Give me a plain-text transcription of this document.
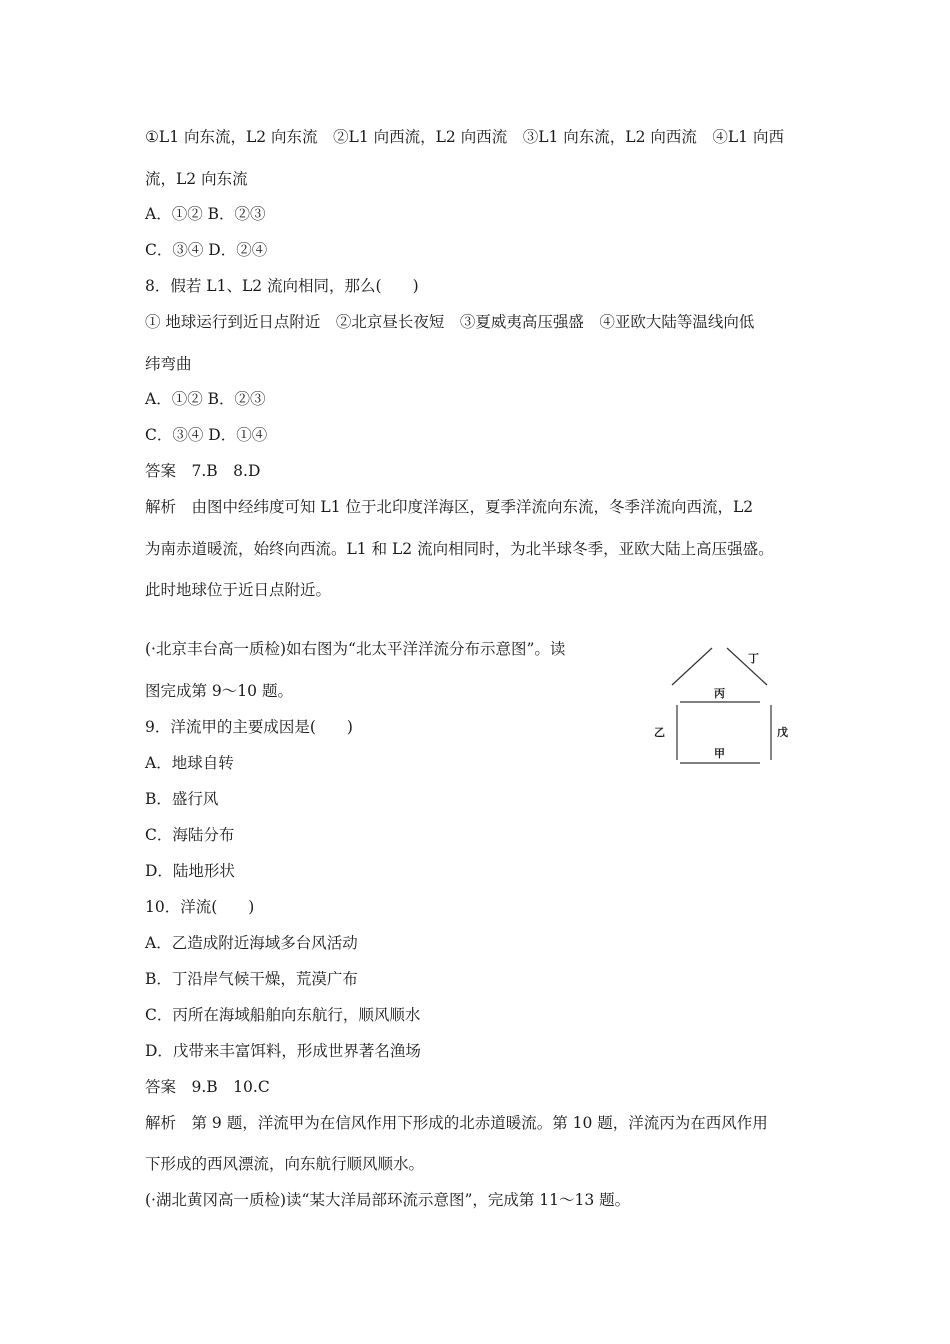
①L1 向东流，L2 向东流　②L1 向西流，L2 向西流　③L1 向东流，L2 向西流　④L1 向西
流，L2 向东流
A．①② B．②③
C．③④ D．②④
8．假若 L1、L2 流向相同，那么(　　)
① 地球运行到近日点附近　②北京昼长夜短　③夏威夷高压强盛　④亚欧大陆等温线向低
纬弯曲
A．①② B．②③
C．③④ D．①④
答案　7.B　8.D
解析　由图中经纬度可知 L1 位于北印度洋海区，夏季洋流向东流，冬季洋流向西流，L2
为南赤道暖流，始终向西流。L1 和 L2 流向相同时，为北半球冬季，亚欧大陆上高压强盛。
此时地球位于近日点附近。
(·北京丰台高一质检)如右图为“北太平洋洋流分布示意图”。读
图完成第 9～10 题。
9．洋流甲的主要成因是(　　)
A．地球自转
B．盛行风
C．海陆分布
D．陆地形状
10．洋流(　　)
A．乙造成附近海域多台风活动
B．丁沿岸气候干燥，荒漠广布
C．丙所在海域船舶向东航行，顺风顺水
D．戊带来丰富饵料，形成世界著名渔场
答案　9.B　10.C
解析　第 9 题，洋流甲为在信风作用下形成的北赤道暖流。第 10 题，洋流丙为在西风作用
下形成的西风漂流，向东航行顺风顺水。
(·湖北黄冈高一质检)读“某大洋局部环流示意图”，完成第 11～13 题。
丁
丙
乙	戊
甲
